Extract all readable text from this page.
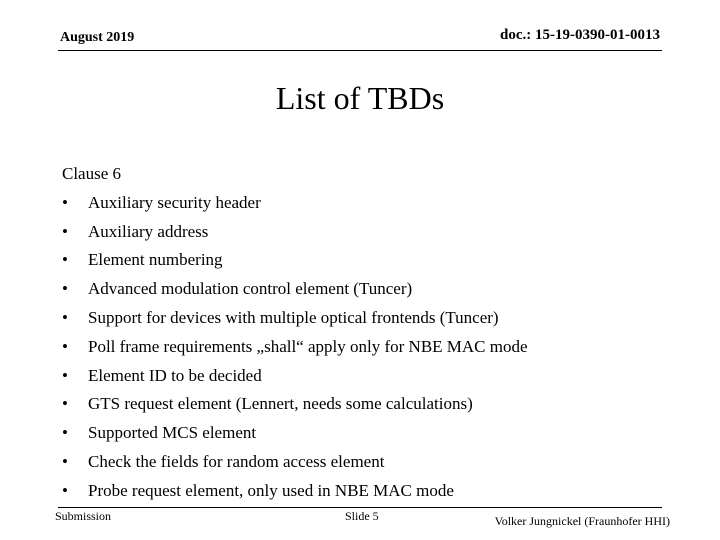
August 2019	doc.: 15-19-0390-01-0013
List of TBDs
Clause 6
• Auxiliary security header
• Auxiliary address
• Element numbering
• Advanced modulation control element (Tuncer)
• Support for devices with multiple optical frontends (Tuncer)
• Poll frame requirements „shall“ apply only for NBE MAC mode
• Element ID to be decided
• GTS request element (Lennert, needs some calculations)
• Supported MCS element
• Check the fields for random access element
• Probe request element, only used in NBE MAC mode
Submission	Slide 5	Volker Jungnickel (Fraunhofer HHI)
